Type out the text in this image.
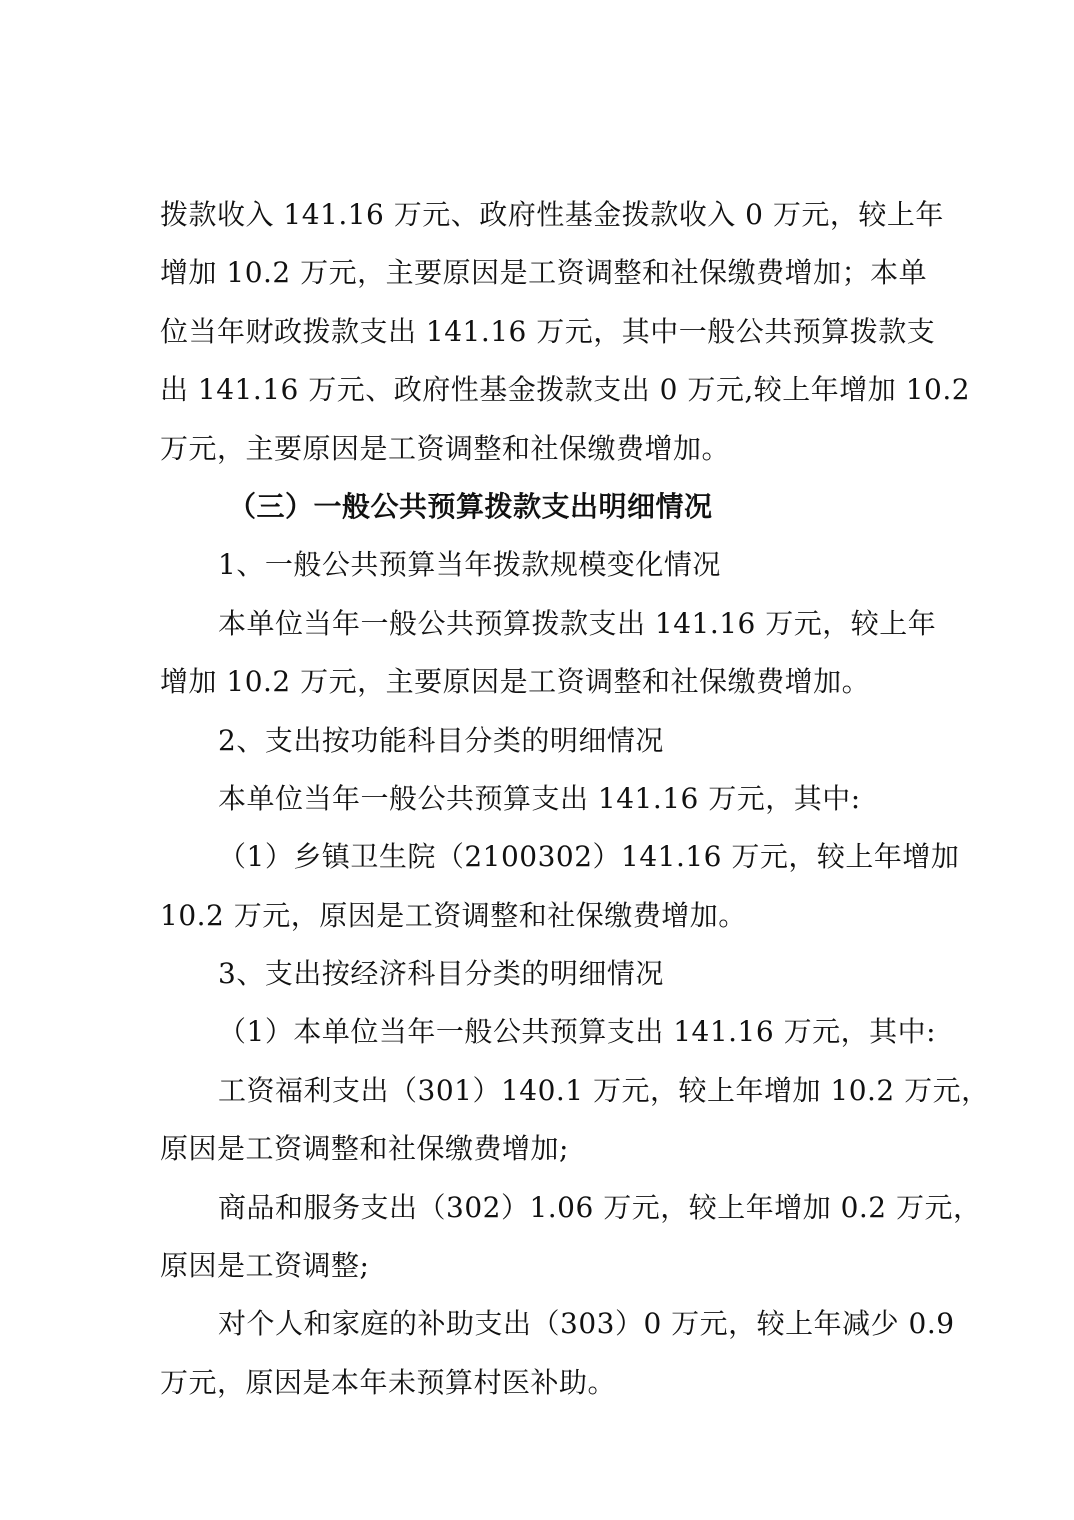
拨款收入 141.16 万元、政府性基金拨款收入 0 万元，较上年
增加 10.2 万元，主要原因是工资调整和社保缴费增加；本单
位当年财政拨款支出 141.16 万元，其中一般公共预算拨款支
出 141.16 万元、政府性基金拨款支出 0 万元,较上年增加 10.2
万元，主要原因是工资调整和社保缴费增加。
（三）一般公共预算拨款支出明细情况
1、一般公共预算当年拨款规模变化情况
本单位当年一般公共预算拨款支出 141.16 万元，较上年
增加 10.2 万元，主要原因是工资调整和社保缴费增加。
2、支出按功能科目分类的明细情况
本单位当年一般公共预算支出 141.16 万元，其中:
（1）乡镇卫生院（2100302）141.16 万元，较上年增加
10.2 万元，原因是工资调整和社保缴费增加。
3、支出按经济科目分类的明细情况
（1）本单位当年一般公共预算支出 141.16 万元，其中:
工资福利支出（301）140.1 万元，较上年增加 10.2 万元，
原因是工资调整和社保缴费增加;
商品和服务支出（302）1.06 万元，较上年增加 0.2 万元，
原因是工资调整;
对个人和家庭的补助支出（303）0 万元，较上年减少 0.9
万元，原因是本年未预算村医补助。
